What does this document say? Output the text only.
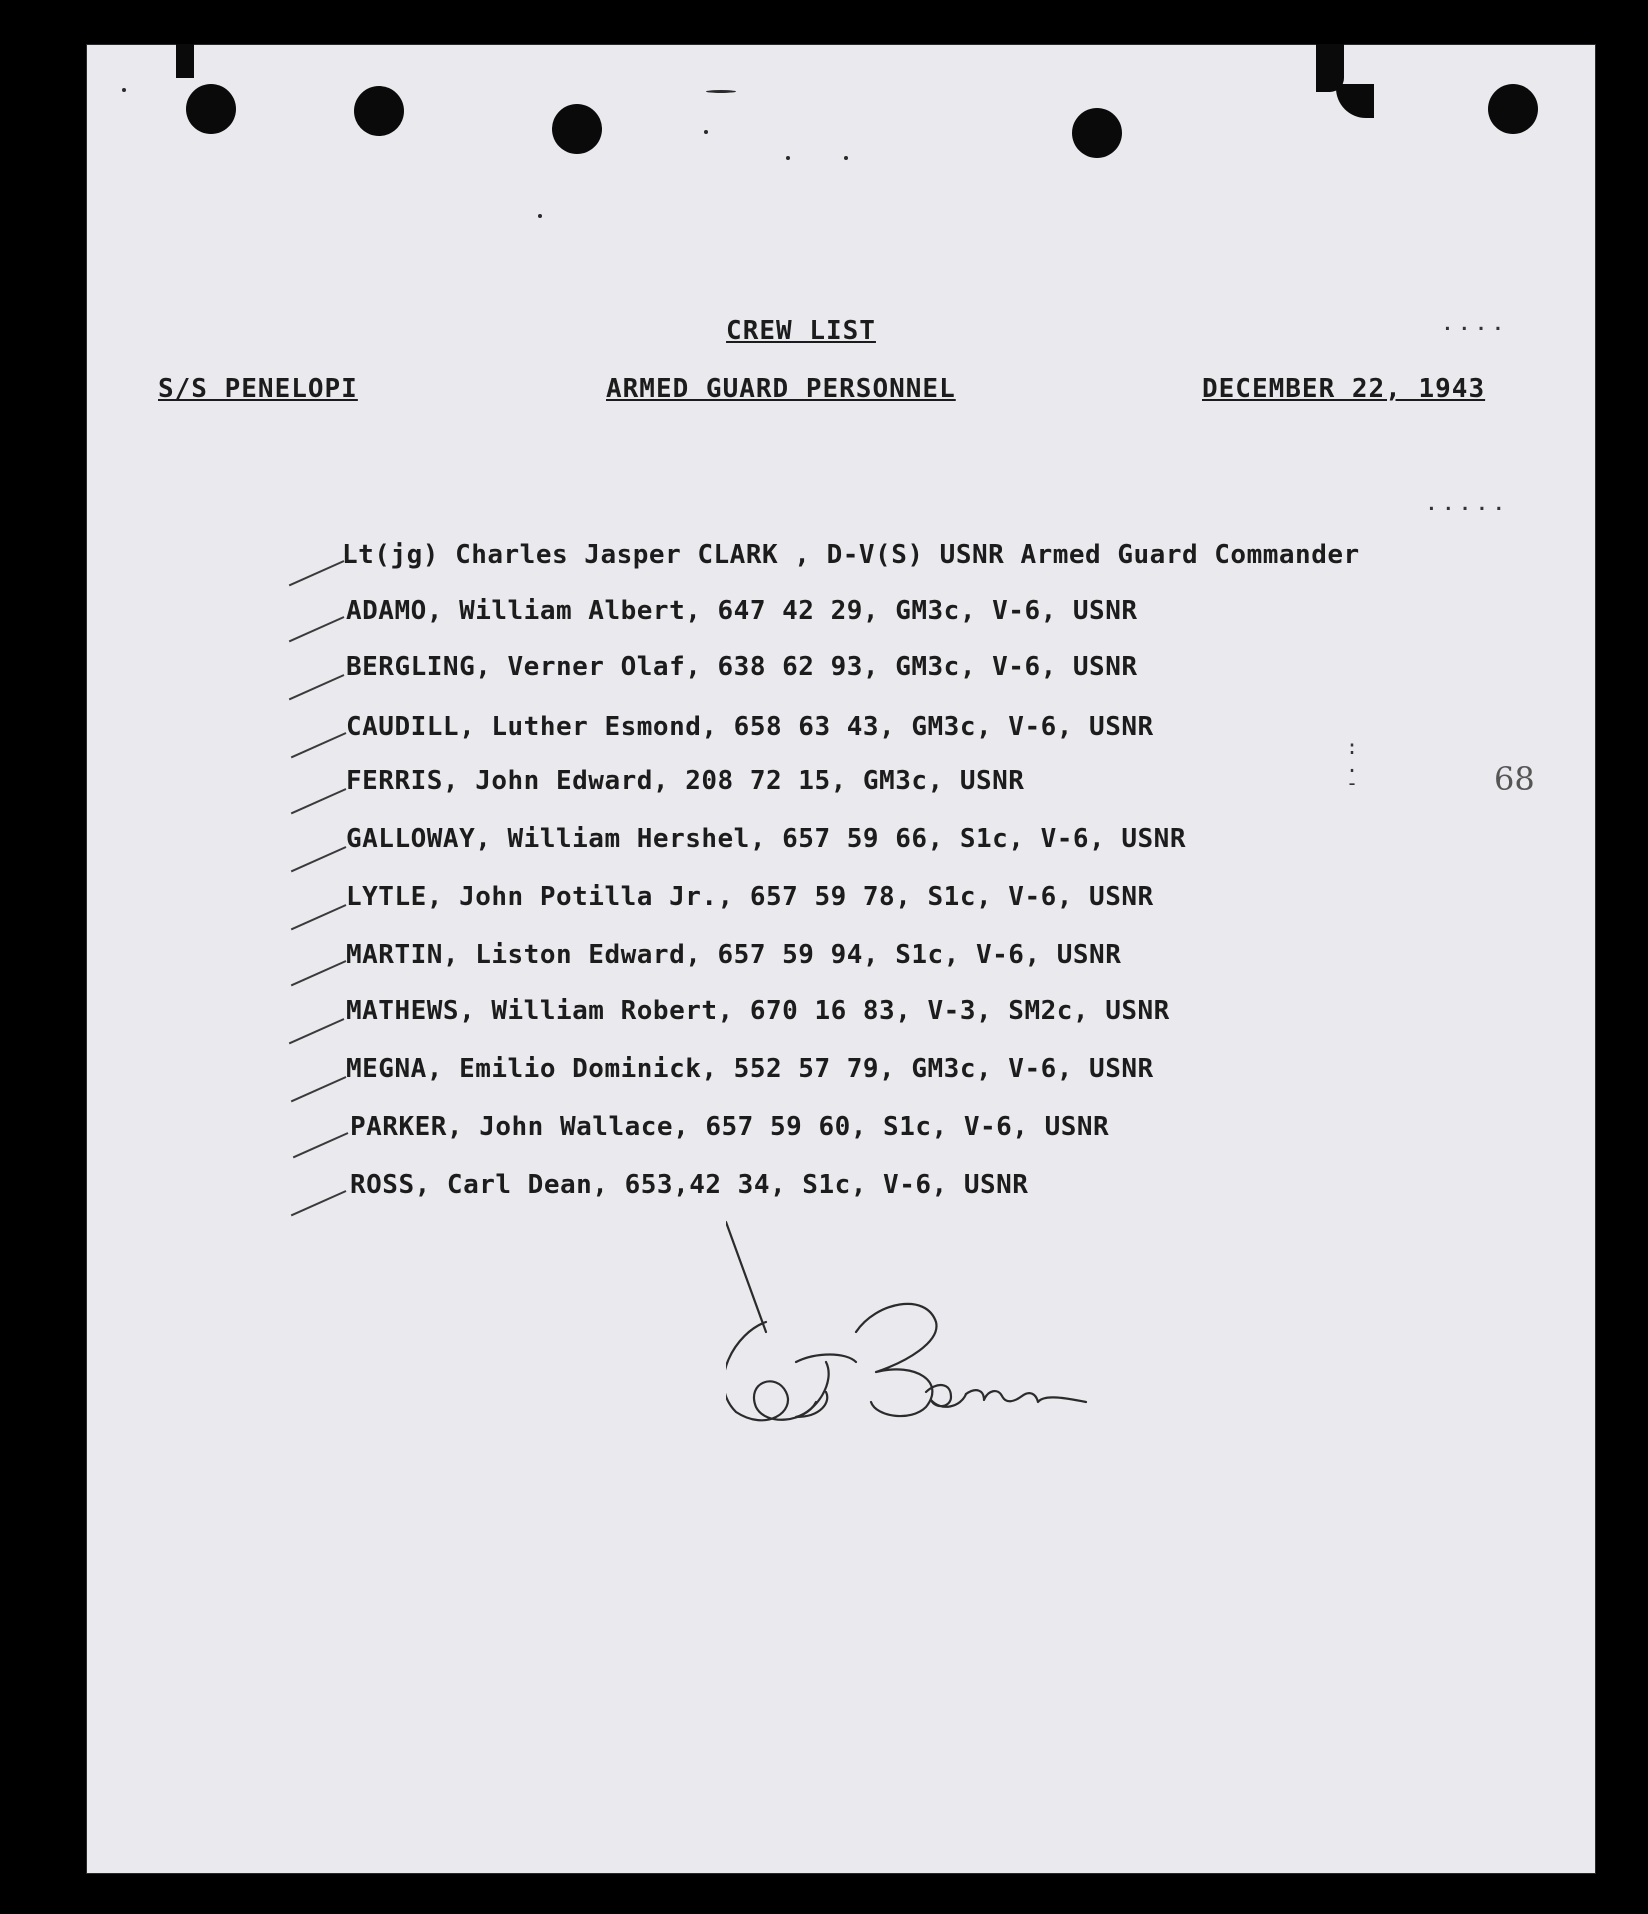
CREW LIST
S/S PENELOPI	ARMED GUARD PERSONNEL	DECEMBER 22, 1943
....
.....
Lt(jg) Charles Jasper CLARK , D-V(S) USNR Armed Guard Commander
ADAMO, William Albert, 647 42 29, GM3c, V-6, USNR
BERGLING, Verner Olaf, 638 62 93, GM3c, V-6, USNR
CAUDILL, Luther Esmond, 658 63 43, GM3c, V-6, USNR
FERRIS, John Edward, 208 72 15, GM3c, USNR
GALLOWAY, William Hershel, 657 59 66, S1c, V-6, USNR
LYTLE, John Potilla Jr., 657 59 78, S1c, V-6, USNR
MARTIN, Liston Edward, 657 59 94, S1c, V-6, USNR
MATHEWS, William Robert, 670 16 83, V-3, SM2c, USNR
MEGNA, Emilio Dominick, 552 57 79, GM3c, V-6, USNR
PARKER, John Wallace, 657 59 60, S1c, V-6, USNR
ROSS, Carl Dean, 653,42 34, S1c, V-6, USNR
:
.
-	68
